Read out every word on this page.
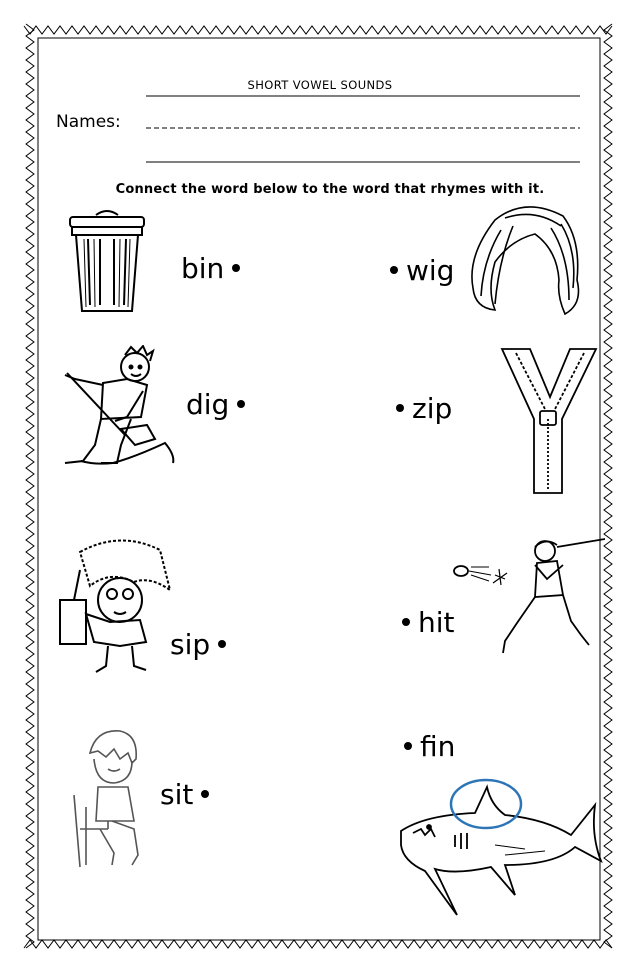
SHORT VOWEL SOUNDS
Names:
Connect the word below to the word that rhymes with it.
bin
dig
sip
sit
wig
zip
hit
fin
